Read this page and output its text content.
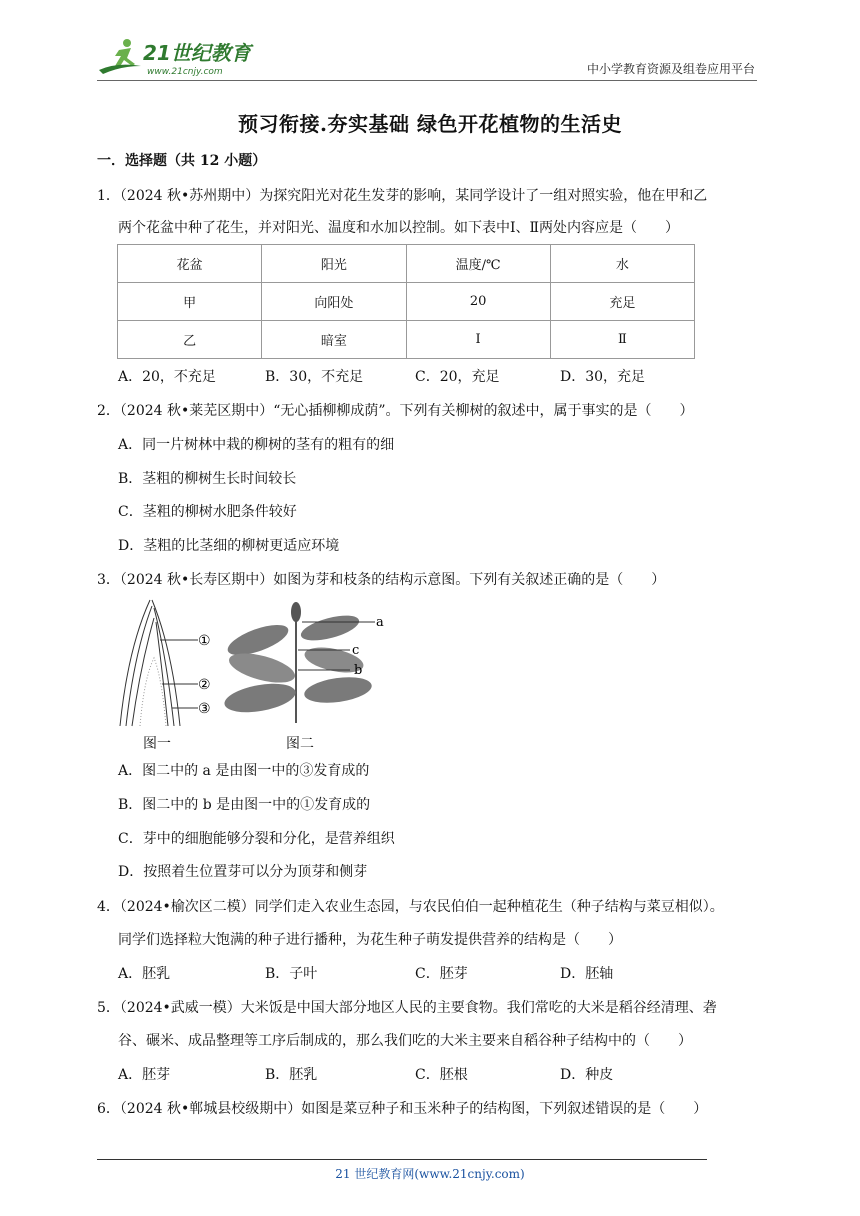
21世纪教育
www.21cnjy.com	中小学教育资源及组卷应用平台
预习衔接.夯实基础 绿色开花植物的生活史
一．选择题（共 12 小题）
1．（2024 秋•苏州期中）为探究阳光对花生发芽的影响，某同学设计了一组对照实验，他在甲和乙
两个花盆中种了花生，并对阳光、温度和水加以控制。如下表中Ⅰ、Ⅱ两处内容应是（　　）
花盆	阳光	温度/℃	水
甲	向阳处	20	充足
乙	暗室	Ⅰ	Ⅱ
A．20，不充足	B．30，不充足	C．20，充足	D．30，充足
2．（2024 秋•莱芜区期中）“无心插柳柳成荫”。下列有关柳树的叙述中，属于事实的是（　　）
A．同一片树林中栽的柳树的茎有的粗有的细
B．茎粗的柳树生长时间较长
C．茎粗的柳树水肥条件较好
D．茎粗的比茎细的柳树更适应环境
3．（2024 秋•长寿区期中）如图为芽和枝条的结构示意图。下列有关叙述正确的是（　　）
①
②
③
a
c
b
图一	图二
A．图二中的 a 是由图一中的③发育成的
B．图二中的 b 是由图一中的①发育成的
C．芽中的细胞能够分裂和分化，是营养组织
D．按照着生位置芽可以分为顶芽和侧芽
4．（2024•榆次区二模）同学们走入农业生态园，与农民伯伯一起种植花生（种子结构与菜豆相似）。
同学们选择粒大饱满的种子进行播种，为花生种子萌发提供营养的结构是（　　）
A．胚乳	B．子叶	C．胚芽	D．胚轴
5．（2024•武威一模）大米饭是中国大部分地区人民的主要食物。我们常吃的大米是稻谷经清理、砻
谷、碾米、成品整理等工序后制成的，那么我们吃的大米主要来自稻谷种子结构中的（　　）
A．胚芽	B．胚乳	C．胚根	D．种皮
6．（2024 秋•郸城县校级期中）如图是菜豆种子和玉米种子的结构图，下列叙述错误的是（　　）
21 世纪教育网(www.21cnjy.com)
